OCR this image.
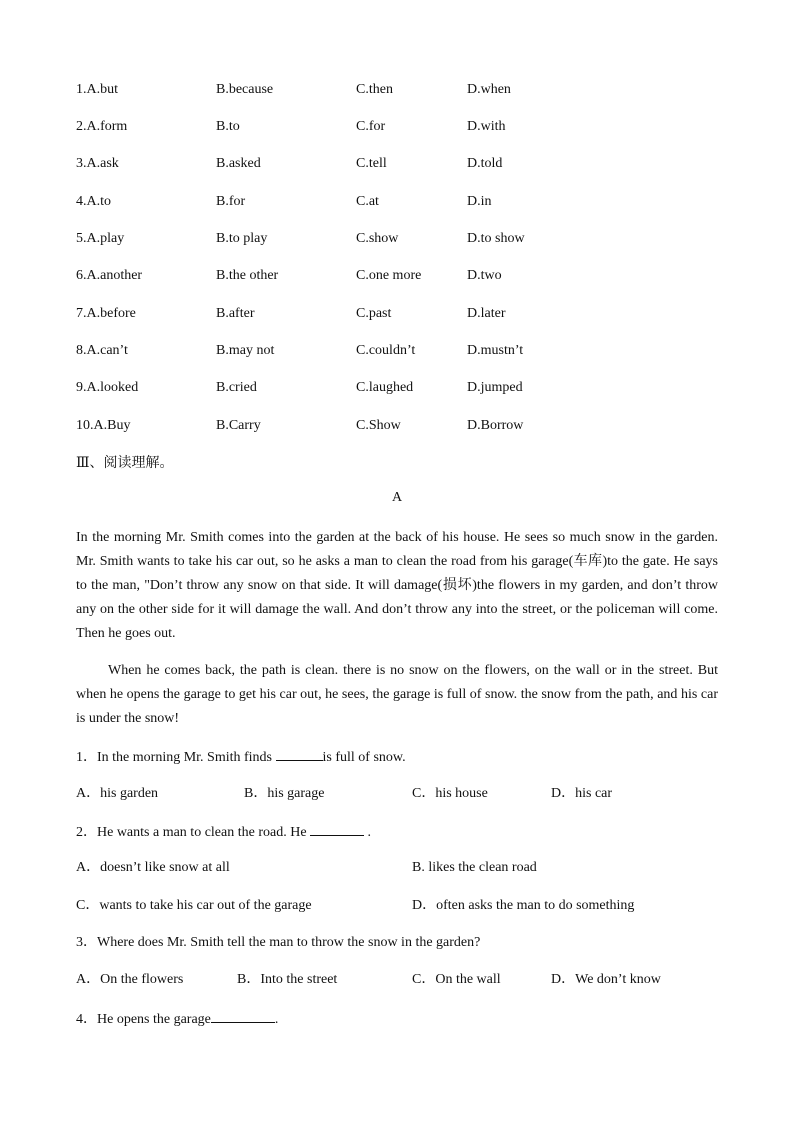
1.A.but	B.because	C.then	D.when
2.A.form	B.to	C.for	D.with
3.A.ask	B.asked	C.tell	D.told
4.A.to	B.for	C.at	D.in
5.A.play	B.to play	C.show	D.to show
6.A.another	B.the other	C.one more	D.two
7.A.before	B.after	C.past	D.later
8.A.can’t	B.may not	C.couldn’t	D.mustn’t
9.A.looked	B.cried	C.laughed	D.jumped
10.A.Buy	B.Carry	C.Show	D.Borrow
Ⅲ、阅读理解。
A
In the morning Mr. Smith comes into the garden at the back of his house. He sees so much snow in the garden. Mr. Smith wants to take his car out, so he asks a man to clean the road from his garage(车库)to the gate. He says to the man, "Don’t throw any snow on that side. It will damage(损坏)the flowers in my garden, and don’t throw any on the other side for it will damage the wall. And don’t throw any into the street, or the policeman will come. Then he goes out.
When he comes back, the path is clean. there is no snow on the flowers, on the wall or in the street. But when he opens the garage to get his car out, he sees, the garage is full of snow. the snow from the path, and his car is under the snow!
1．In the morning Mr. Smith finds	is full of snow.
A．his garden	B．his garage	C．his house	D．his car
2．He wants a man to clean the road. He	.
A．doesn’t like snow at all	B. likes the clean road
C．wants to take his car out of the garage	D．often asks the man to do something
3．Where does Mr. Smith tell the man to throw the snow in the garden?
A．On the flowers	B．Into the street	C．On the wall	D．We don’t know
4．He opens the garage	.
